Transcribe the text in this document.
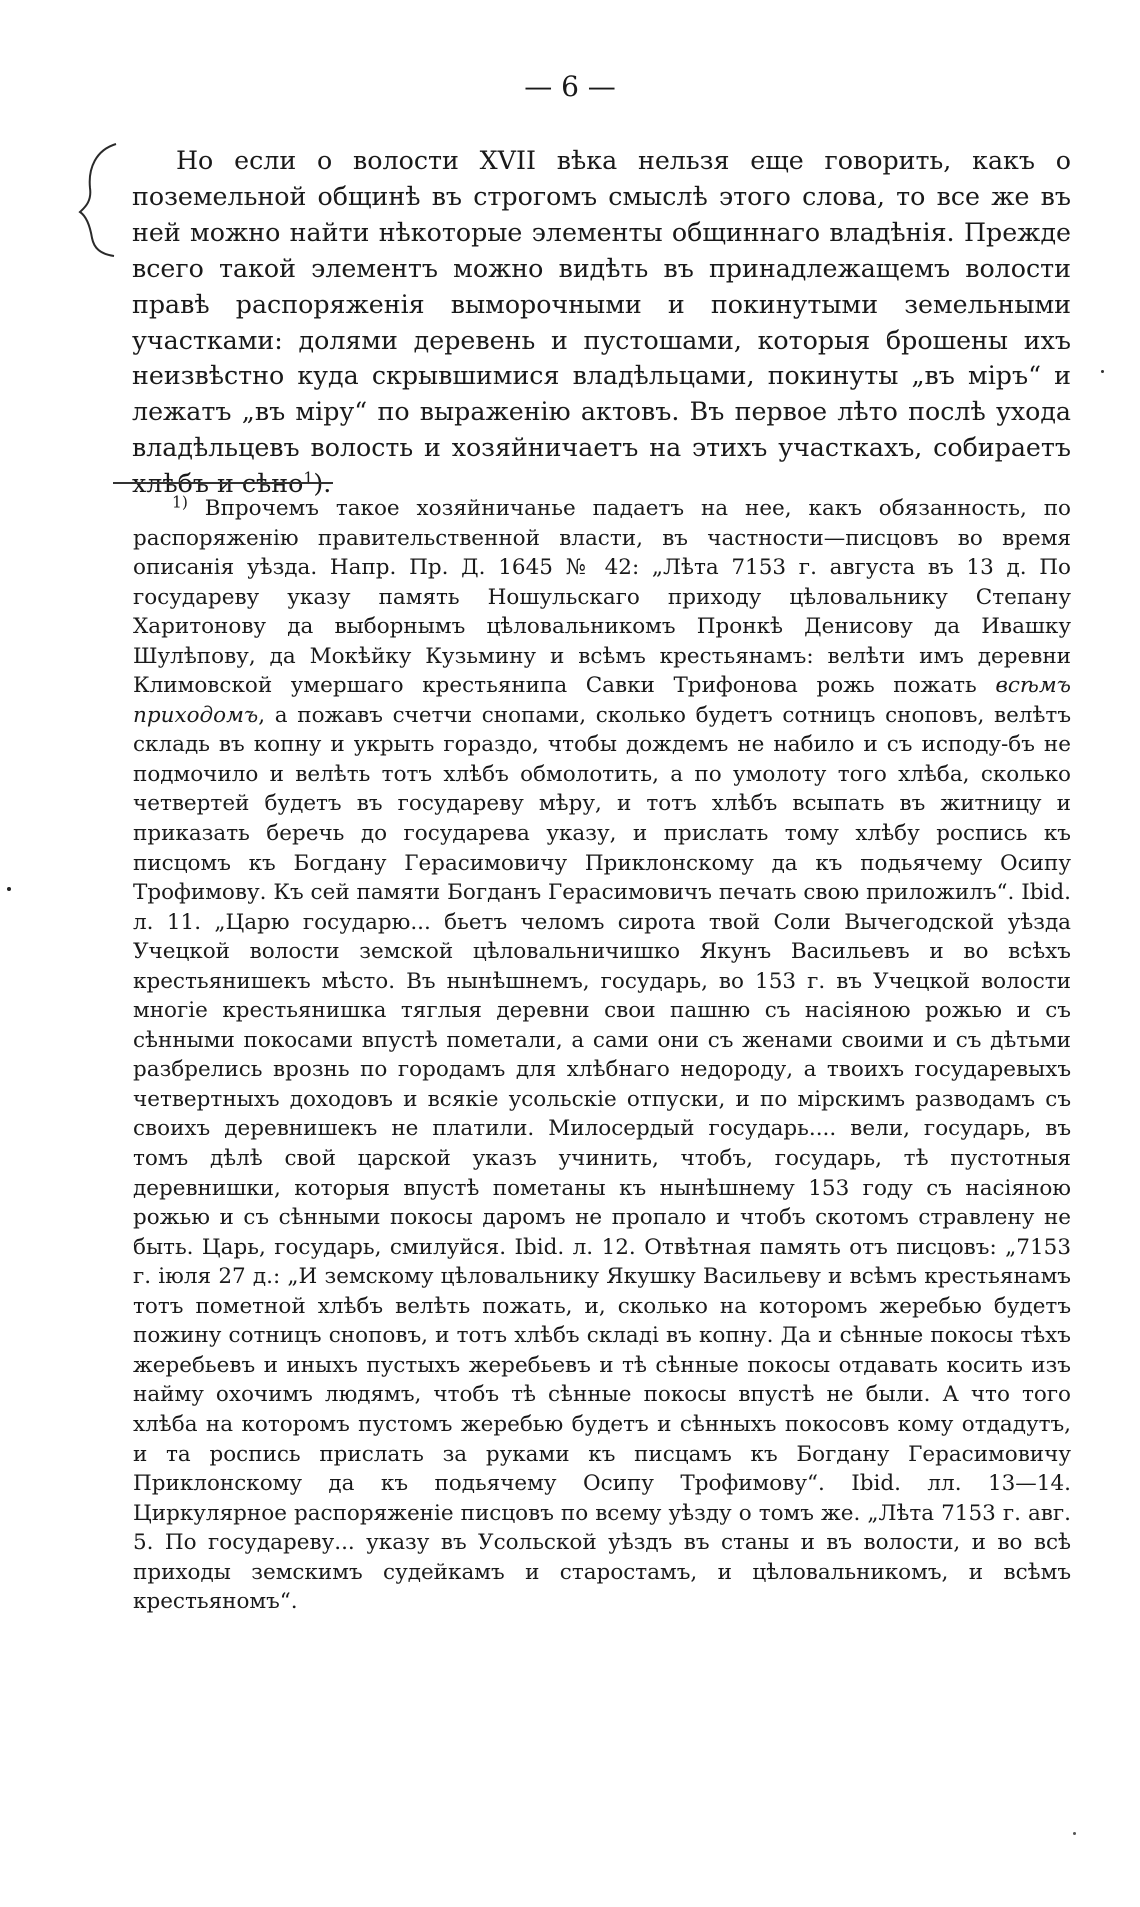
— 6 —

Но если о волости XVII вѣка нельзя еще говорить, какъ о поземельной общинѣ въ строгомъ смыслѣ этого слова, то все же въ ней можно найти нѣкоторые элементы общиннаго владѣнія. Прежде всего такой элементъ можно видѣть въ принадлежащемъ волости правѣ распоряженія выморочными и покинутыми земельными участками: долями деревень и пустошами, которыя брошены ихъ неизвѣстно куда скрывшимися владѣльцами, покинуты „въ міръ“ и лежатъ „въ міру“ по выраженію актовъ. Въ первое лѣто послѣ ухода владѣльцевъ волость и хозяйничаетъ на этихъ участкахъ, собираетъ хлѣбъ и сѣно$^1$).

$^{1)}$ Впрочемъ такое хозяйничанье падаетъ на нее, какъ обязанность, по распоряженію правительственной власти, въ частности—писцовъ во время описанія уѣзда. Напр. Пр. Д. 1645 № 42: „Лѣта 7153 г. августа въ 13 д. По государеву указу память Ношульскаго приходу цѣловальнику Степану Харитонову да выборнымъ цѣловальникомъ Пронкѣ Денисову да Ивашку Шулѣпову, да Мокѣйку Кузьмину и всѣмъ крестьянамъ: велѣти имъ деревни Климовской умершаго крестьянипа Савки Трифонова рожь пожать всѣмъ приходомъ, а пожавъ счетчи снопами, сколько будетъ сотницъ сноповъ, велѣтъ складь въ копну и укрыть гораздо, чтобы дождемъ не набило и съ исподу-бъ не подмочило и велѣть тотъ хлѣбъ обмолотить, а по умолоту того хлѣба, сколько четвертей будетъ въ государеву мѣру, и тотъ хлѣбъ всыпать въ житницу и приказать беречь до государева указу, и прислать тому хлѣбу роспись къ писцомъ къ Богдану Герасимовичу Приклонскому да къ подьячему Осипу Трофимову. Къ сей памяти Богданъ Герасимовичъ печать свою приложилъ“. Ibid. л. 11. „Царю государю... бьетъ челомъ сирота твой Соли Вычегодской уѣзда Учецкой волости земской цѣловальничишко Якунъ Васильевъ и во всѣхъ крестьянишекъ мѣсто. Въ нынѣшнемъ, государь, во 153 г. въ Учецкой волости многіе крестьянишка тяглыя деревни свои пашню съ насіяною рожью и съ сѣнными покосами впустѣ пометали, а сами они съ женами своими и съ дѣтьми разбрелись врознь по городамъ для хлѣбнаго недороду, а твоихъ государевыхъ четвертныхъ доходовъ и всякіе усольскіе отпуски, и по мірскимъ разводамъ съ своихъ деревнишекъ не платили. Милосердый государь.... вели, государь, въ томъ дѣлѣ свой царской указъ учинить, чтобъ, государь, тѣ пустотныя деревнишки, которыя впустѣ пометаны къ нынѣшнему 153 году съ насіяною рожью и съ сѣнными покосы даромъ не пропало и чтобъ скотомъ стравлену не быть. Царь, государь, смилуйся. Ibid. л. 12. Отвѣтная память отъ писцовъ: „7153 г. іюля 27 д.: „И земскому цѣловальнику Якушку Васильеву и всѣмъ крестьянамъ тотъ пометной хлѣбъ велѣть пожать, и, сколько на которомъ жеребью будетъ пожину сотницъ сноповъ, и тотъ хлѣбъ складі въ копну. Да и сѣнные покосы тѣхъ жеребьевъ и иныхъ пустыхъ жеребьевъ и тѣ сѣнные покосы отдавать косить изъ найму охочимъ людямъ, чтобъ тѣ сѣнные покосы впустѣ не были. А что того хлѣба на которомъ пустомъ жеребью будетъ и сѣнныхъ покосовъ кому отдадутъ, и та роспись прислать за руками къ писцамъ къ Богдану Герасимовичу Приклонскому да къ подьячему Осипу Трофимову“. Ibid. лл. 13—14. Циркулярное распоряженіе писцовъ по всему уѣзду о томъ же. „Лѣта 7153 г. авг. 5. По государеву... указу въ Усольской уѣздъ въ станы и въ волости, и во всѣ приходы земскимъ судейкамъ и старостамъ, и цѣловальникомъ, и всѣмъ крестьяномъ“.
